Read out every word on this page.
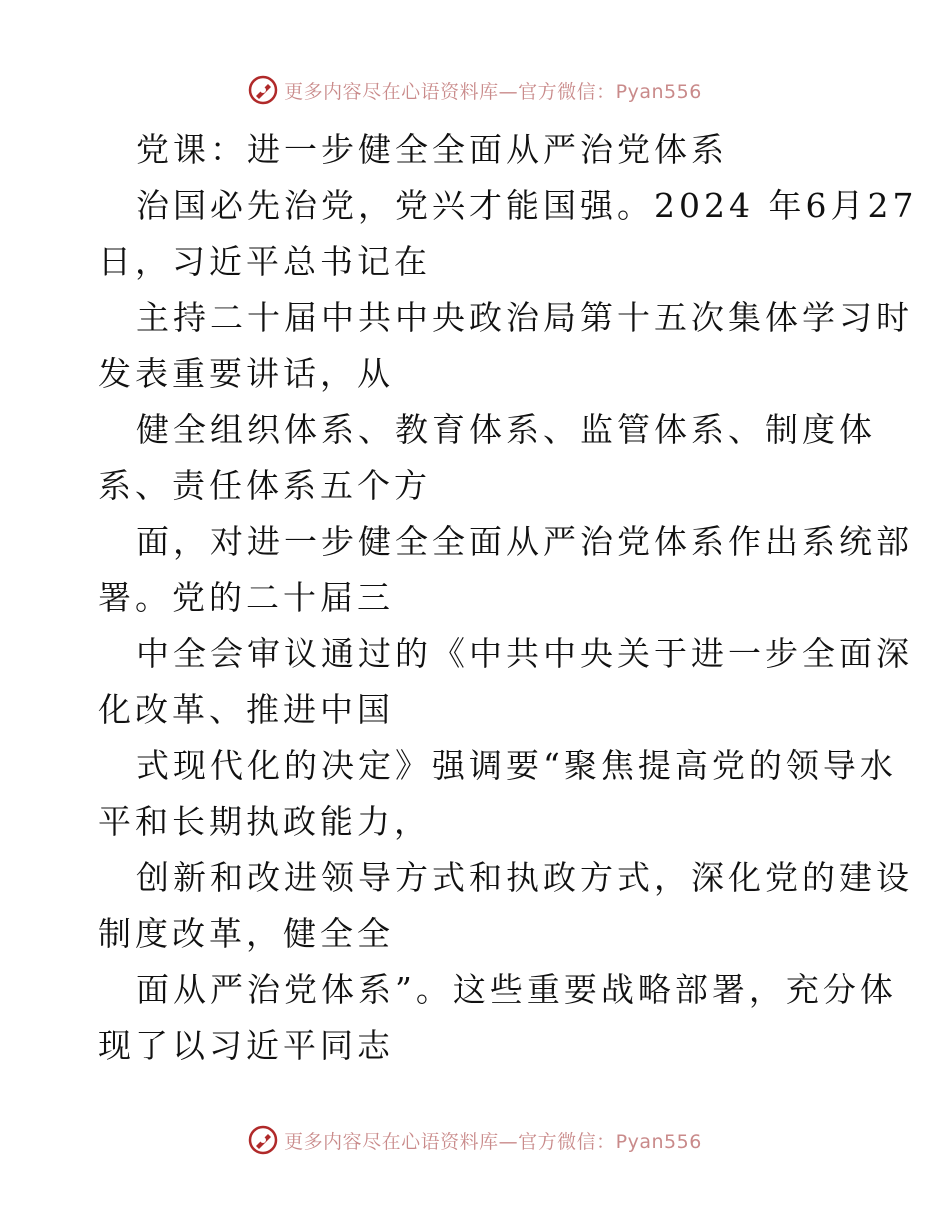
更多内容尽在心语资料库—官方微信：Pyan556
党课：进一步健全全面从严治党体系
治国必先治党，党兴才能国强。2024 年6月27
日，习近平总书记在
主持二十届中共中央政治局第十五次集体学习时
发表重要讲话，从
健全组织体系、教育体系、监管体系、制度体
系、责任体系五个方
面，对进一步健全全面从严治党体系作出系统部
署。党的二十届三
中全会审议通过的《中共中央关于进一步全面深
化改革、推进中国
式现代化的决定》强调要“聚焦提高党的领导水
平和长期执政能力，
创新和改进领导方式和执政方式，深化党的建设
制度改革，健全全
面从严治党体系”。这些重要战略部署，充分体
现了以习近平同志
更多内容尽在心语资料库—官方微信：Pyan556
